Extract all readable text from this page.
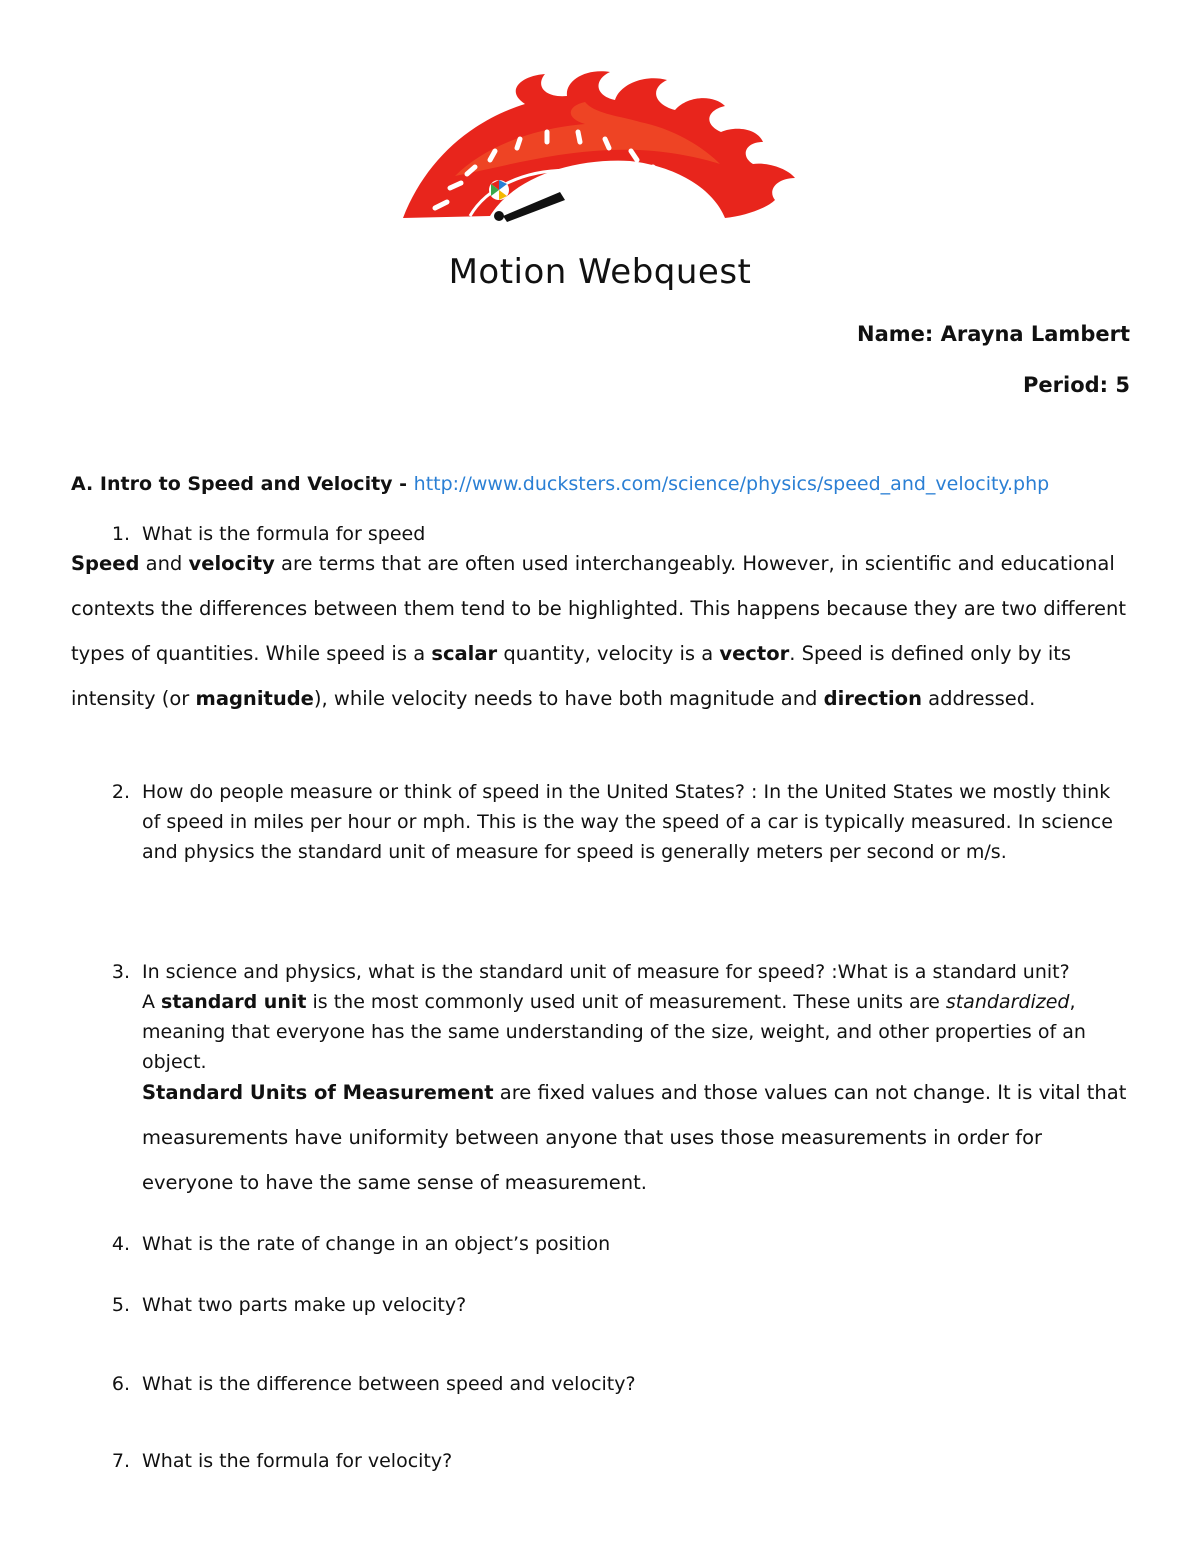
Motion Webquest
Name: Arayna Lambert
Period: 5
A. Intro to Speed and Velocity - http://www.ducksters.com/science/physics/speed_and_velocity.php
1. What is the formula for speed
Speed and velocity are terms that are often used interchangeably. However, in scientific and educational contexts the differences between them tend to be highlighted. This happens because they are two different types of quantities. While speed is a scalar quantity, velocity is a vector. Speed is defined only by its intensity (or magnitude), while velocity needs to have both magnitude and direction addressed.
2. How do people measure or think of speed in the United States? : In the United States we mostly think of speed in miles per hour or mph. This is the way the speed of a car is typically measured. In science and physics the standard unit of measure for speed is generally meters per second or m/s.
3. In science and physics, what is the standard unit of measure for speed? :What is a standard unit?
A standard unit is the most commonly used unit of measurement. These units are standardized, meaning that everyone has the same understanding of the size, weight, and other properties of an object.
Standard Units of Measurement are fixed values and those values can not change. It is vital that measurements have uniformity between anyone that uses those measurements in order for everyone to have the same sense of measurement.
4. What is the rate of change in an object’s position
5. What two parts make up velocity?
6. What is the difference between speed and velocity?
7. What is the formula for velocity?
